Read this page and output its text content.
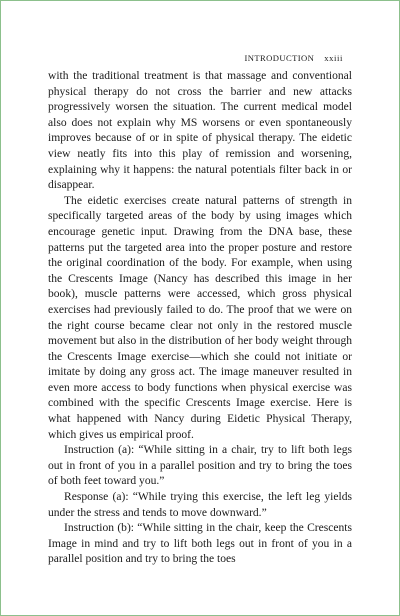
INTRODUCTION xxiii

with the traditional treatment is that massage and conventional physical therapy do not cross the barrier and new attacks progressively worsen the situation. The current medical model also does not explain why MS worsens or even spontaneously improves because of or in spite of physical therapy. The eidetic view neatly fits into this play of remission and worsening, explaining why it happens: the natural potentials filter back in or disappear.

The eidetic exercises create natural patterns of strength in specifically targeted areas of the body by using images which encourage genetic input. Drawing from the DNA base, these patterns put the targeted area into the proper posture and restore the original coordination of the body. For example, when using the Crescents Image (Nancy has described this image in her book), muscle patterns were accessed, which gross physical exercises had previously failed to do. The proof that we were on the right course became clear not only in the restored muscle movement but also in the distribution of her body weight through the Crescents Image exercise—which she could not initiate or imitate by doing any gross act. The image maneuver resulted in even more access to body functions when physical exercise was combined with the specific Crescents Image exercise. Here is what happened with Nancy during Eidetic Physical Therapy, which gives us empirical proof.

Instruction (a): “While sitting in a chair, try to lift both legs out in front of you in a parallel position and try to bring the toes of both feet toward you.”

Response (a): “While trying this exercise, the left leg yields under the stress and tends to move downward.”

Instruction (b): “While sitting in the chair, keep the Crescents Image in mind and try to lift both legs out in front of you in a parallel position and try to bring the toes
